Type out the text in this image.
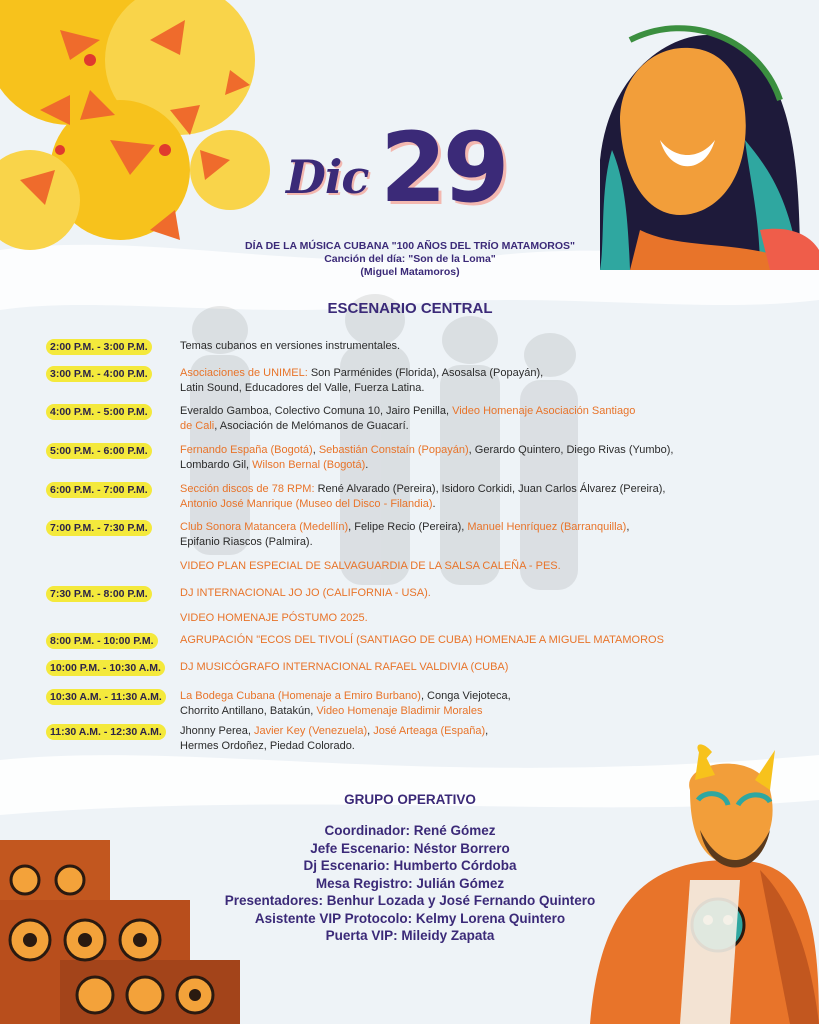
Dic 29
DÍA DE LA MÚSICA CUBANA "100 AÑOS DEL TRÍO MATAMOROS"
Canción del día: "Son de la Loma"
(Miguel Matamoros)
ESCENARIO CENTRAL
2:00 P.M. - 3:00 P.M.	Temas cubanos en versiones instrumentales.
3:00 P.M. - 4:00 P.M.	Asociaciones de UNIMEL: Son Parménides (Florida), Asosalsa (Popayán),
Latin Sound, Educadores del Valle, Fuerza Latina.
4:00 P.M. - 5:00 P.M.	Everaldo Gamboa, Colectivo Comuna 10, Jairo Penilla, Video Homenaje Asociación Santiago
de Cali, Asociación de Melómanos de Guacarí.
5:00 P.M. - 6:00 P.M.	Fernando España (Bogotá), Sebastián Constaín (Popayán), Gerardo Quintero, Diego Rivas (Yumbo),
Lombardo Gil, Wilson Bernal (Bogotá).
6:00 P.M. - 7:00 P.M.	Sección discos de 78 RPM: René Alvarado (Pereira), Isidoro Corkidi, Juan Carlos Álvarez (Pereira),
Antonio José Manrique (Museo del Disco - Filandia).
7:00 P.M. - 7:30 P.M.	Club Sonora Matancera (Medellín), Felipe Recio (Pereira), Manuel Henríquez (Barranquilla),
Epifanio Riascos (Palmira).
VIDEO PLAN ESPECIAL DE SALVAGUARDIA DE LA SALSA CALEÑA - PES.
7:30 P.M. - 8:00 P.M.	DJ INTERNACIONAL JO JO (CALIFORNIA - USA).
VIDEO HOMENAJE PÓSTUMO 2025.
8:00 P.M. - 10:00 P.M.	AGRUPACIÓN "ECOS DEL TIVOLÍ (SANTIAGO DE CUBA) HOMENAJE A MIGUEL MATAMOROS
10:00 P.M. - 10:30 A.M.	DJ MUSICÓGRAFO INTERNACIONAL RAFAEL VALDIVIA (CUBA)
10:30 A.M. - 11:30 A.M.	La Bodega Cubana (Homenaje a Emiro Burbano), Conga Viejoteca,
Chorrito Antillano, Batakún, Video Homenaje Bladimir Morales
11:30 A.M. - 12:30 A.M.	Jhonny Perea, Javier Key (Venezuela), José Arteaga (España),
Hermes Ordoñez, Piedad Colorado.
GRUPO OPERATIVO
Coordinador: René Gómez
Jefe Escenario: Néstor Borrero
Dj Escenario: Humberto Córdoba
Mesa Registro: Julián Gómez
Presentadores: Benhur Lozada y José Fernando Quintero
Asistente VIP Protocolo: Kelmy Lorena Quintero
Puerta VIP: Mileidy Zapata
